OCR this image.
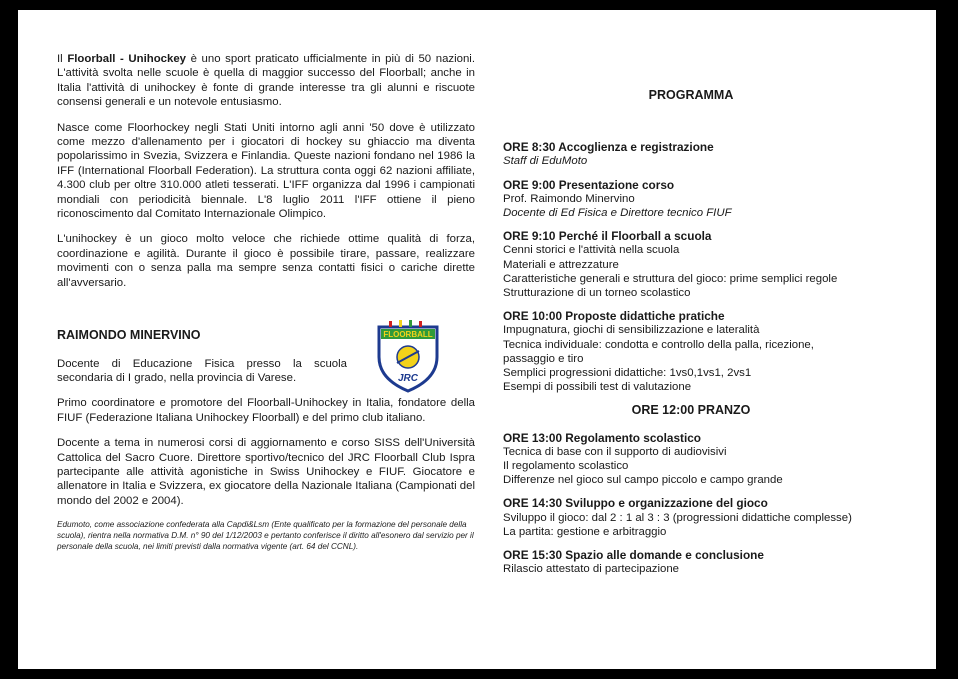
Il Floorball - Unihockey è uno sport praticato ufficialmente in più di 50 nazioni. L'attività svolta nelle scuole è quella di maggior successo del Floorball; anche in Italia l'attività di unihockey è fonte di grande interesse tra gli alunni e riscuote consensi generali e un notevole entusiasmo.

Nasce come Floorhockey negli Stati Uniti intorno agli anni '50 dove è utilizzato come mezzo d'allenamento per i giocatori di hockey su ghiaccio ma diventa popolarissimo in Svezia, Svizzera e Finlandia. Queste nazioni fondano nel 1986 la IFF (International Floorball Federation). La struttura conta oggi 62 nazioni affiliate, 4.300 club per oltre 310.000 atleti tesserati. L'IFF organizza dal 1996 i campionati mondiali con periodicità biennale. L'8 luglio 2011 l'IFF ottiene il pieno riconoscimento dal Comitato Internazionale Olimpico.

L'unihockey è un gioco molto veloce che richiede ottime qualità di forza, coordinazione e agilità. Durante il gioco è possibile tirare, passare, realizzare movimenti con o senza palla ma sempre senza contatti fisici o cariche dirette all'avversario.

RAIMONDO MINERVINO

Docente di Educazione Fisica presso la scuola secondaria di I grado, nella provincia di Varese.

Primo coordinatore e promotore del Floorball-Unihockey in Italia, fondatore della FIUF (Federazione Italiana Unihockey Floorball) e del primo club italiano.

Docente a tema in numerosi corsi di aggiornamento e corso SISS dell'Università Cattolica del Sacro Cuore. Direttore sportivo/tecnico del JRC Floorball Club Ispra partecipante alle attività agonistiche in Swiss Unihockey e FIUF. Giocatore e allenatore in Italia e Svizzera, ex giocatore della Nazionale Italiana (Campionati del mondo del 2002 e 2004).

Edumoto, come associazione confederata alla Capdi&Lsm (Ente qualificato per la formazione del personale della scuola), rientra nella normativa D.M. n° 90 del 1/12/2003 e pertanto conferisce il diritto all'esonero dal servizio per il personale della scuola, nei limiti previsti dalla normativa vigente (art. 64 del CCNL).
FLOORBALL
JRC
PROGRAMMA
ORE 8:30 Accoglienza e registrazione
Staff di EduMoto
ORE 9:00 Presentazione corso
Prof. Raimondo Minervino
Docente di Ed Fisica e Direttore tecnico FIUF
ORE 9:10 Perché il Floorball a scuola
Cenni storici e l'attività nella scuola
Materiali e attrezzature
Caratteristiche generali e struttura del gioco: prime semplici regole
Strutturazione di un torneo scolastico
ORE 10:00 Proposte didattiche pratiche
Impugnatura, giochi di sensibilizzazione e lateralità
Tecnica individuale: condotta e controllo della palla, ricezione, passaggio e tiro
Semplici progressioni didattiche: 1vs0,1vs1, 2vs1
Esempi di possibili test di valutazione
ORE 12:00 PRANZO
ORE 13:00 Regolamento scolastico
Tecnica di base con il supporto di audiovisivi
Il regolamento scolastico
Differenze nel gioco sul campo piccolo e campo grande
ORE 14:30 Sviluppo e organizzazione del gioco
Sviluppo il gioco: dal 2 : 1 al 3 : 3 (progressioni didattiche complesse)
La partita: gestione e arbitraggio
ORE 15:30 Spazio alle domande e conclusione
Rilascio attestato di partecipazione
